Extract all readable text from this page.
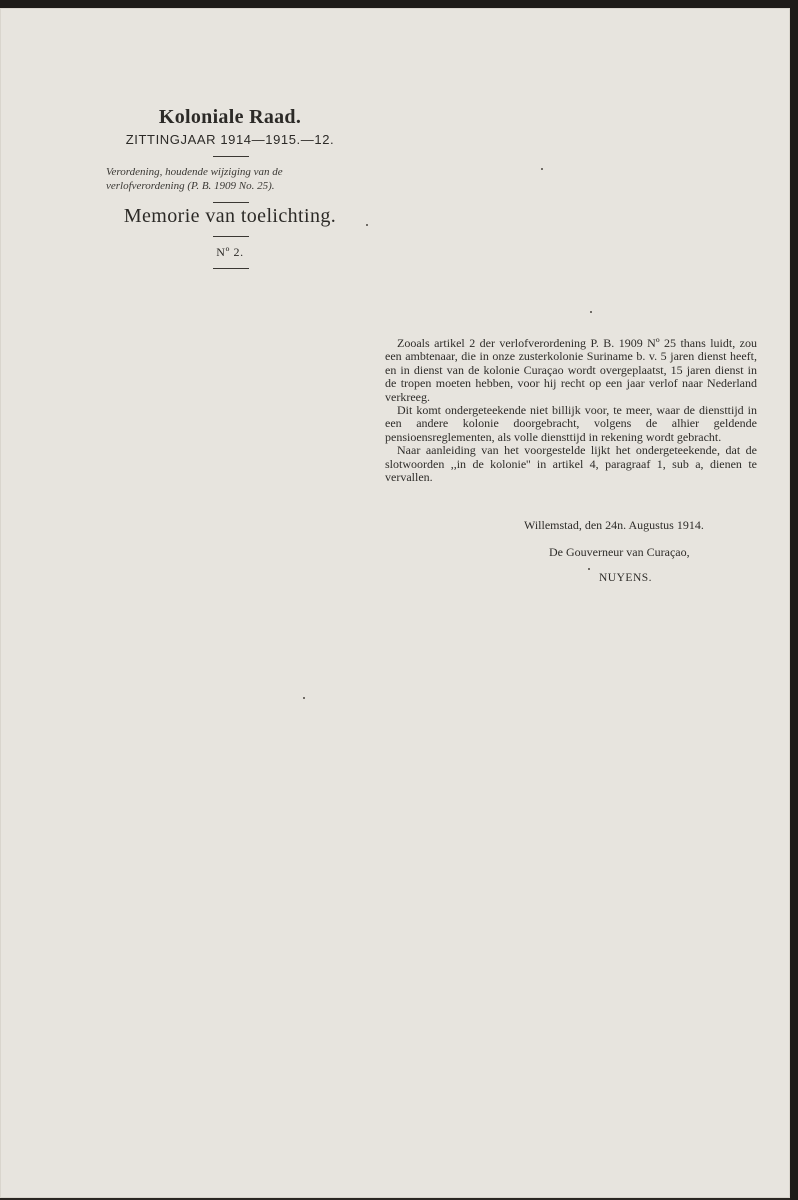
Koloniale Raad.
ZITTINGJAAR 1914—1915.—12.
Verordening, houdende wijziging van de verlofverordening (P. B. 1909 No. 25).
Memorie van toelichting.
Nº 2.

Zooals artikel 2 der verlofverordening P. B. 1909 Nº 25 thans luidt, zou een ambtenaar, die in onze zusterkolonie Suriname b. v. 5 jaren dienst heeft, en in dienst van de kolonie Curaçao wordt overgeplaatst, 15 jaren dienst in de tropen moeten hebben, voor hij recht op een jaar verlof naar Nederland verkreeg.

Dit komt ondergeteekende niet billijk voor, te meer, waar de diensttijd in een andere kolonie doorgebracht, volgens de alhier geldende pensioensreglementen, als volle diensttijd in rekening wordt gebracht.

Naar aanleiding van het voorgestelde lijkt het ondergeteekende, dat de slotwoorden ,,in de kolonie'' in artikel 4, paragraaf 1, sub a, dienen te vervallen.

Willemstad, den 24n. Augustus 1914.
De Gouverneur van Curaçao,
NUYENS.
